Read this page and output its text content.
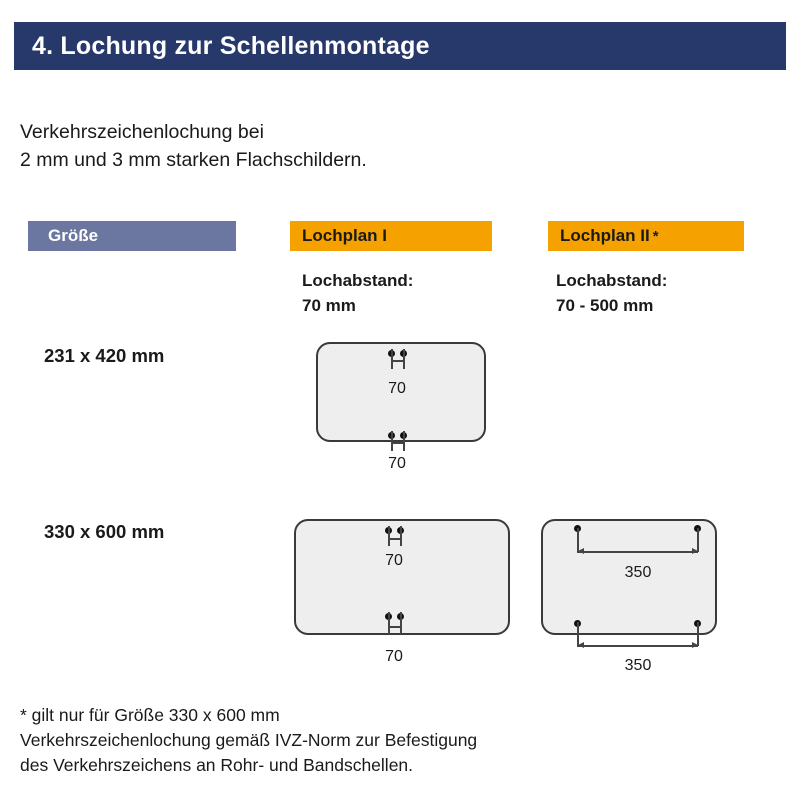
4. Lochung zur Schellenmontage
Verkehrszeichenlochung bei
2 mm und 3 mm starken Flachschildern.
Größe	Lochplan I	Lochplan II *
Lochabstand:
70 mm
Lochabstand:
70 - 500 mm
231 x 420 mm
70
70
330 x 600 mm
70
70
350
350
* gilt nur für Größe 330 x 600 mm
Verkehrszeichenlochung gemäß IVZ-Norm zur Befestigung
des Verkehrszeichens an Rohr- und Bandschellen.
